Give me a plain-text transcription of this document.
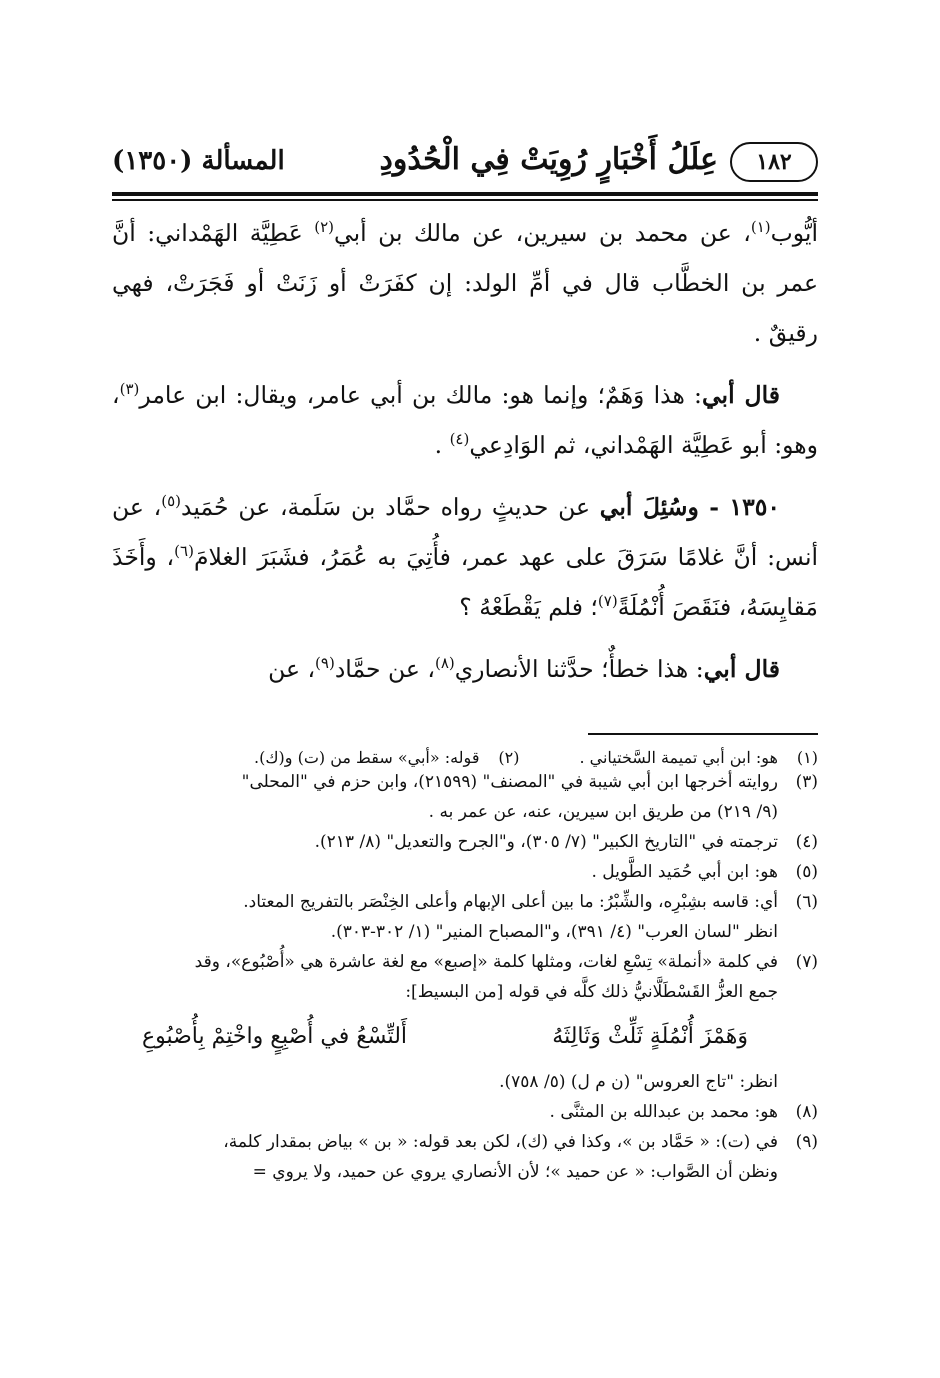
١٨٢
عِلَلُ أَخْبَارٍ رُوِيَتْ فِي الْحُدُودِ
المسألة (١٣٥٠)

أيُّوب$^{(١)}$، عن محمد بن سيرين، عن مالك بن أبي$^{(٢)}$ عَطِيَّة الهَمْداني: أنَّ عمر بن الخطَّاب قال في أمِّ الولد: إن كفَرَتْ أو زَنَتْ أو فَجَرَتْ، فهي رقيقٌ .

قال أبي: هذا وَهَمٌ؛ وإنما هو: مالك بن أبي عامر، ويقال: ابن عامر$^{(٣)}$، وهو: أبو عَطِيَّة الهَمْداني، ثم الوَادِعي$^{(٤)}$ .

١٣٥٠ - وسُئِلَ أبي عن حديثٍ رواه حمَّاد بن سَلَمة، عن حُمَيد$^{(٥)}$، عن أنس: أنَّ غلامًا سَرَقَ على عهد عمر، فأُتِيَ به عُمَرُ، فشَبَرَ الغلامَ$^{(٦)}$، وأَخَذَ مَقايِسَهُ، فنَقَصَ أُنْمُلَةً$^{(٧)}$؛ فلم يَقْطَعْهُ ؟

قال أبي: هذا خطأٌ؛ حدَّثنا الأنصاري$^{(٨)}$، عن حمَّاد$^{(٩)}$، عن

(١)
هو: ابن أبي تميمة السَّختياني .
(٢)
قوله: «أبي» سقط من (ت) و(ك).
(٣)
روايته أخرجها ابن أبي شيبة في "المصنف" (٢١٥٩٩)، وابن حزم في "المحلى"
(٩/ ٢١٩) من طريق ابن سيرين، عنه، عن عمر به .
(٤)
ترجمته في "التاريخ الكبير" (٧/ ٣٠٥)، و"الجرح والتعديل" (٨/ ٢١٣).
(٥)
هو: ابن أبي حُمَيد الطَّويل .
(٦)
أي: قاسه بشِبْرِه، والشِّبْرُ: ما بين أعلى الإبهام وأعلى الخِنْصَر بالتفريج المعتاد.
انظر "لسان العرب" (٤/ ٣٩١)، و"المصباح المنير" (١/ ٣٠٢-٣٠٣).
(٧)
في كلمة «أنملة» تِسْعِ لغات، ومثلها كلمة «إصبع» مع لغة عاشرة هي «أُصْبُوع»، وقد
جمع العزُّ القَسْطَلَّانيُّ ذلك كلَّه في قوله [من البسيط]:
وَهَمْزَ أُنْمُلَةٍ ثَلِّثْ وَثَالِثَهُ
أَلتِّسْعُ في أُصْبِعٍ واخْتِمْ بِأُصْبُوعِ
انظر: "تاج العروس" (ن م ل) (٥/ ٧٥٨).
(٨)
هو: محمد بن عبدالله بن المثنَّى .
(٩)
في (ت): « حَمَّاد بن »، وكذا في (ك)، لكن بعد قوله: « بن » بياض بمقدار كلمة،
ونظن أن الصَّواب: « عن حميد »؛ لأن الأنصاري يروي عن حميد، ولا يروي =
